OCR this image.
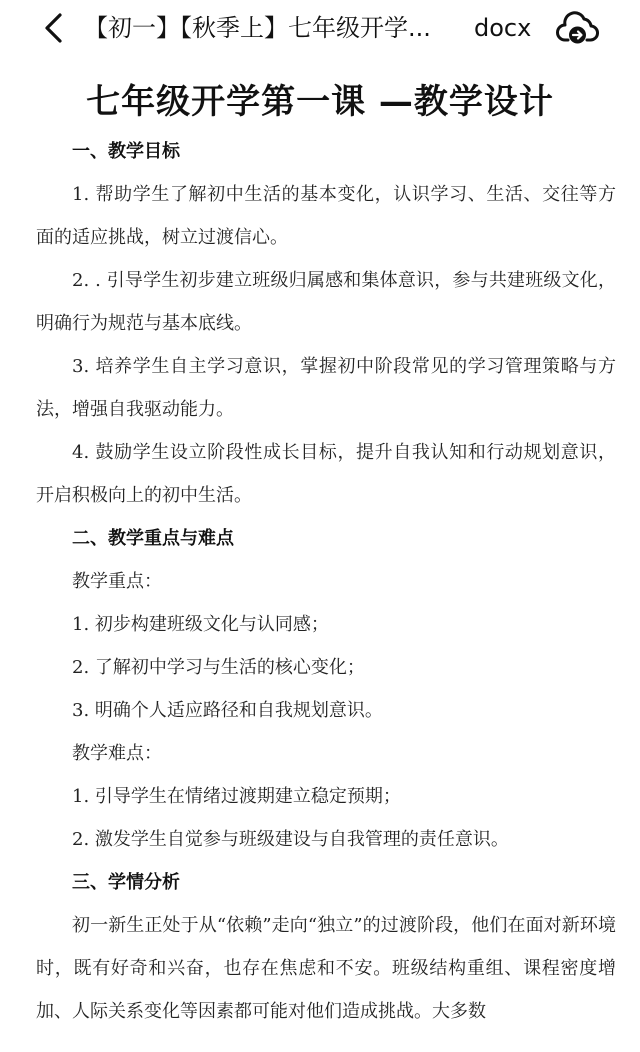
【初一】【秋季上】七年级开学...	docx
七年级开学第一课 —教学设计
一、教学目标

1. 帮助学生了解初中生活的基本变化，认识学习、生活、交往等方面的适应挑战，树立过渡信心。

2. . 引导学生初步建立班级归属感和集体意识，参与共建班级文化，明确行为规范与基本底线。

3. 培养学生自主学习意识，掌握初中阶段常见的学习管理策略与方法，增强自我驱动能力。

4. 鼓励学生设立阶段性成长目标，提升自我认知和行动规划意识，开启积极向上的初中生活。

二、教学重点与难点
教学重点：
1. 初步构建班级文化与认同感；
2. 了解初中学习与生活的核心变化；
3. 明确个人适应路径和自我规划意识。
教学难点：
1. 引导学生在情绪过渡期建立稳定预期；
2. 激发学生自觉参与班级建设与自我管理的责任意识。
三、学情分析

初一新生正处于从“依赖”走向“独立”的过渡阶段，他们在面对新环境时，既有好奇和兴奋，也存在焦虑和不安。班级结构重组、课程密度增加、人际关系变化等因素都可能对他们造成挑战。大多数
